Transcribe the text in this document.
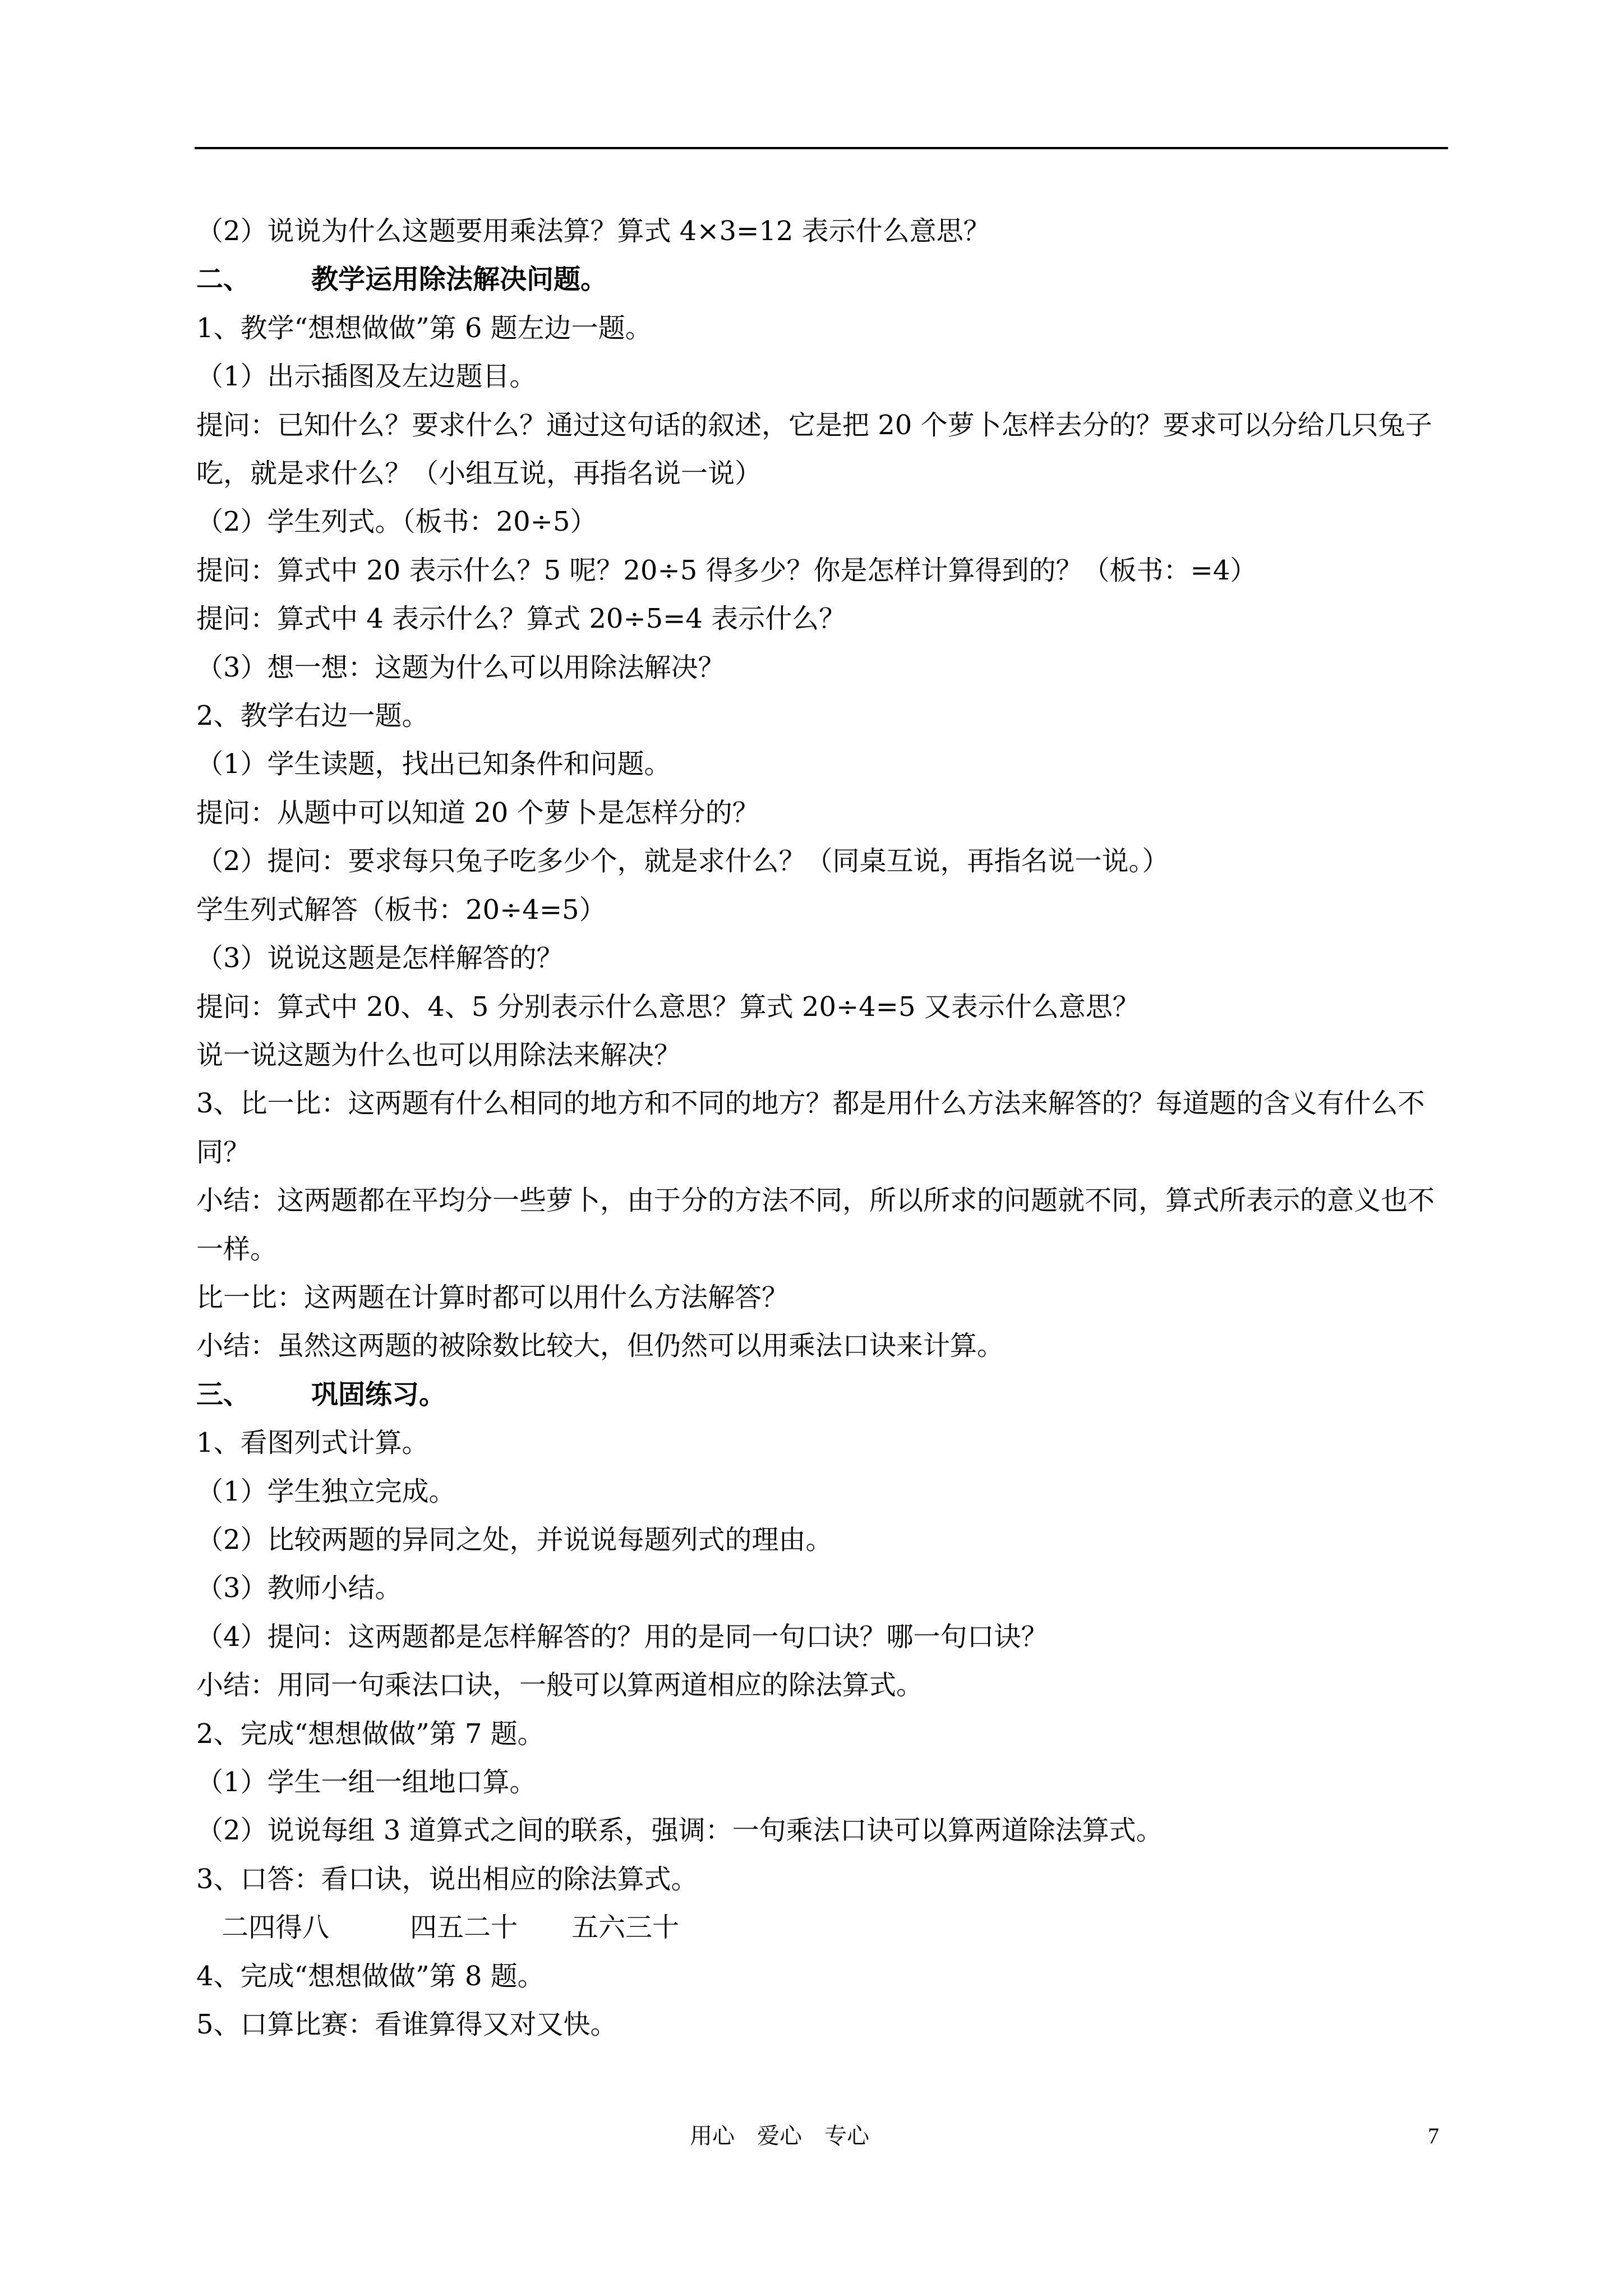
（2）说说为什么这题要用乘法算？算式 4×3=12 表示什么意思？
二、 教学运用除法解决问题。
1、教学“想想做做”第 6 题左边一题。
（1）出示插图及左边题目。
提问：已知什么？要求什么？通过这句话的叙述，它是把 20 个萝卜怎样去分的？要求可以分给几只兔子吃，就是求什么？（小组互说，再指名说一说）
（2）学生列式。（板书：20÷5）
提问：算式中 20 表示什么？5 呢？20÷5 得多少？你是怎样计算得到的？（板书：=4）
提问：算式中 4 表示什么？算式 20÷5=4 表示什么？
（3）想一想：这题为什么可以用除法解决？
2、教学右边一题。
（1）学生读题，找出已知条件和问题。
提问：从题中可以知道 20 个萝卜是怎样分的？
（2）提问：要求每只兔子吃多少个，就是求什么？（同桌互说，再指名说一说。）
学生列式解答（板书：20÷4=5）
（3）说说这题是怎样解答的？
提问：算式中 20、4、5 分别表示什么意思？算式 20÷4=5 又表示什么意思？
说一说这题为什么也可以用除法来解决？
3、比一比：这两题有什么相同的地方和不同的地方？都是用什么方法来解答的？每道题的含义有什么不同？
小结：这两题都在平均分一些萝卜，由于分的方法不同，所以所求的问题就不同，算式所表示的意义也不一样。
比一比：这两题在计算时都可以用什么方法解答？
小结：虽然这两题的被除数比较大，但仍然可以用乘法口诀来计算。
三、 巩固练习。
1、看图列式计算。
（1）学生独立完成。
（2）比较两题的异同之处，并说说每题列式的理由。
（3）教师小结。
（4）提问：这两题都是怎样解答的？用的是同一句口诀？哪一句口诀？
小结：用同一句乘法口诀，一般可以算两道相应的除法算式。
2、完成“想想做做”第 7 题。
（1）学生一组一组地口算。
（2）说说每组 3 道算式之间的联系，强调：一句乘法口诀可以算两道除法算式。
3、口答：看口诀，说出相应的除法算式。
二四得八　　　四五二十　　五六三十
4、完成“想想做做”第 8 题。
5、口算比赛：看谁算得又对又快。
用心　爱心　专心	7
